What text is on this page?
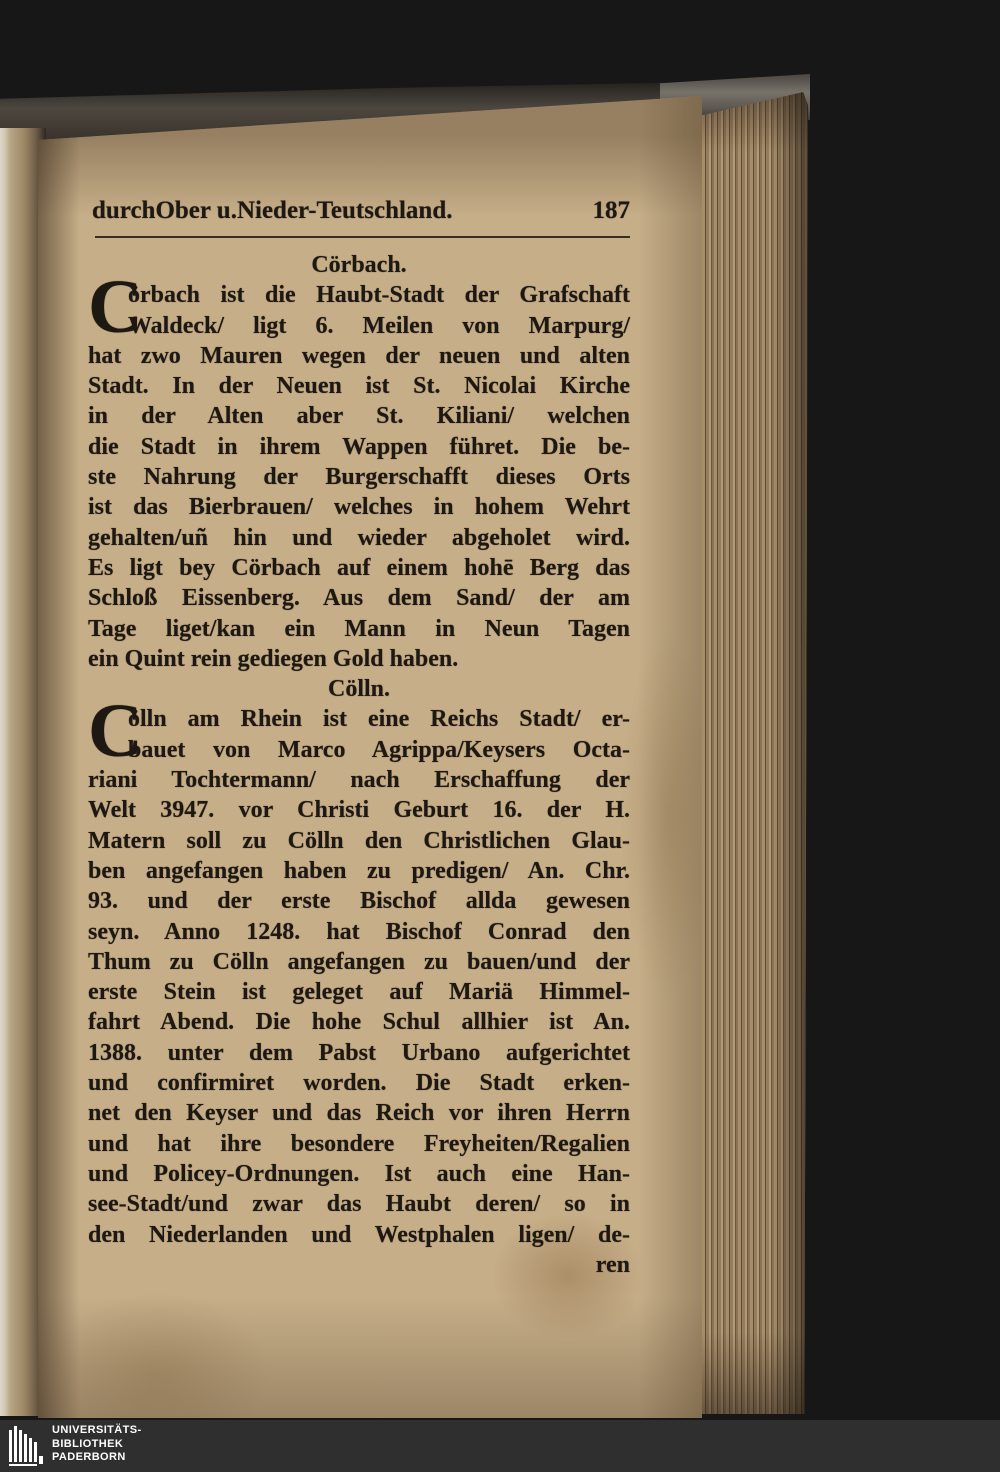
durchOber u.Nieder-Teutschland.	187
Cörbach.
C
örbach ist die Haubt-Stadt der Grafschaft
Waldeck/ ligt 6. Meilen von Marpurg/
hat zwo Mauren wegen der neuen und alten
Stadt. In der Neuen ist St. Nicolai Kirche
in der Alten aber St. Kiliani/ welchen
die Stadt in ihrem Wappen führet. Die be-
ste Nahrung der Burgerschafft dieses Orts
ist das Bierbrauen/ welches in hohem Wehrt
gehalten/uñ hin und wieder abgeholet wird.
Es ligt bey Cörbach auf einem hohē Berg das
Schloß Eissenberg. Aus dem Sand/ der am
Tage liget/kan ein Mann in Neun Tagen
ein Quint rein gediegen Gold haben.
Cölln.
C
ölln am Rhein ist eine Reichs Stadt/ er-
bauet von Marco Agrippa/Keysers Octa-
riani Tochtermann/ nach Erschaffung der
Welt 3947. vor Christi Geburt 16. der H.
Matern soll zu Cölln den Christlichen Glau-
ben angefangen haben zu predigen/ An. Chr.
93. und der erste Bischof allda gewesen
seyn. Anno 1248. hat Bischof Conrad den
Thum zu Cölln angefangen zu bauen/und der
erste Stein ist geleget auf Mariä Himmel-
fahrt Abend. Die hohe Schul allhier ist An.
1388. unter dem Pabst Urbano aufgerichtet
und confirmiret worden. Die Stadt erken-
net den Keyser und das Reich vor ihren Herrn
und hat ihre besondere Freyheiten/Regalien
und Policey-Ordnungen. Ist auch eine Han-
see-Stadt/und zwar das Haubt deren/ so in
den Niederlanden und Westphalen ligen/ de-
ren
UNIVERSITÄTS-
BIBLIOTHEK
PADERBORN
